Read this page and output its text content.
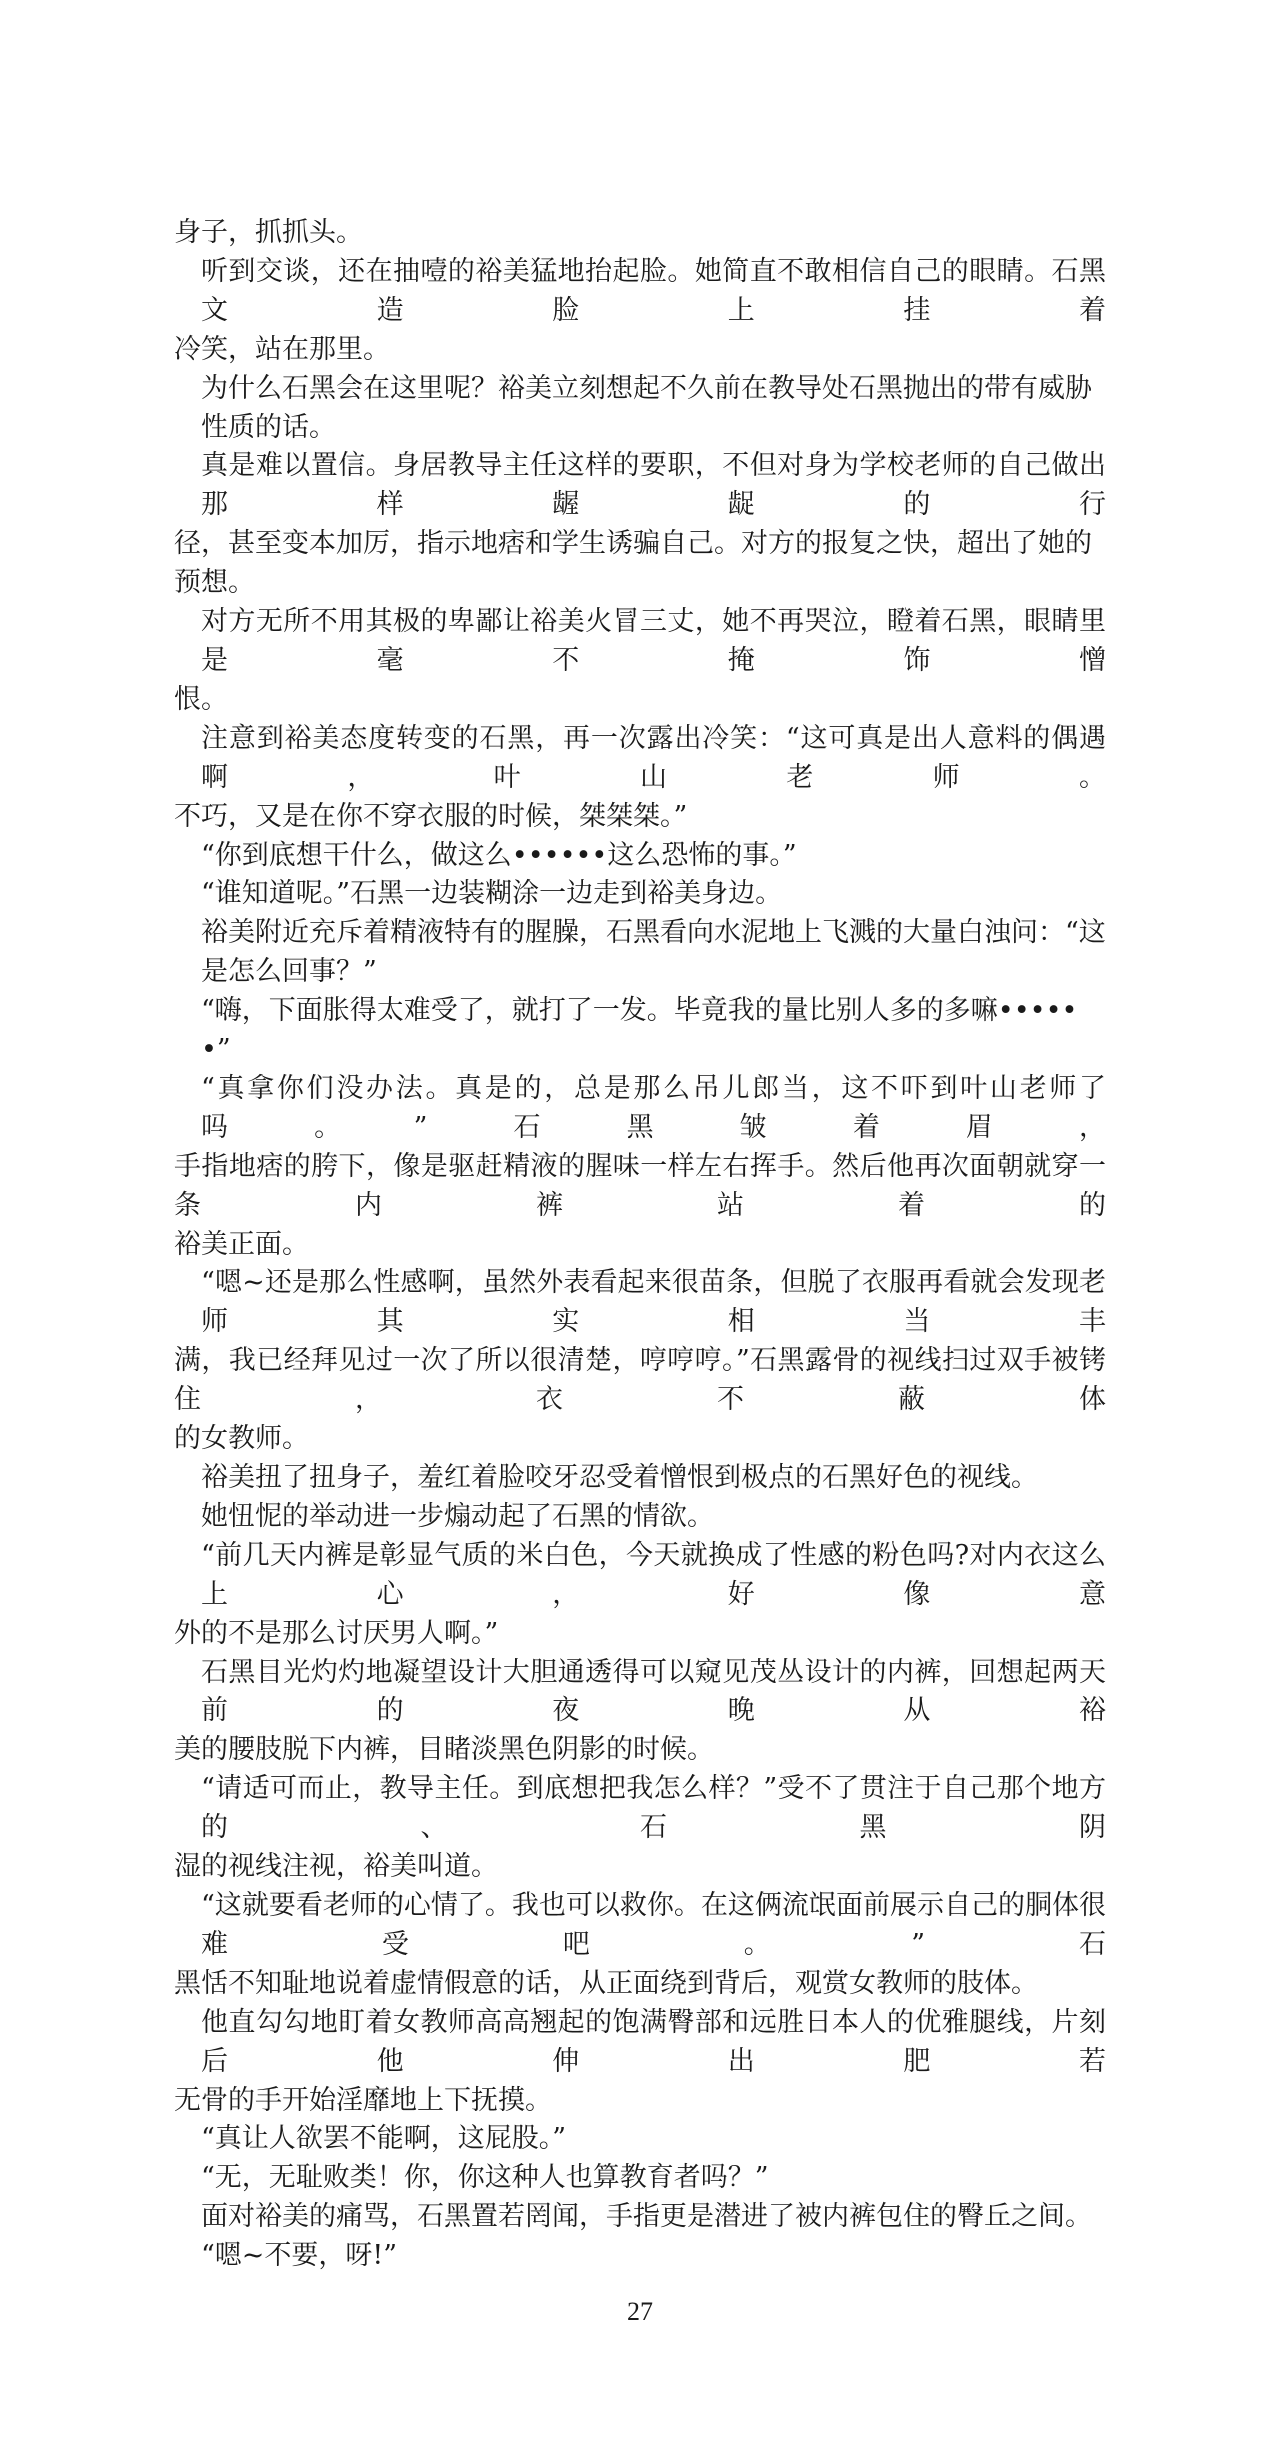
身子，抓抓头。
听到交谈，还在抽噎的裕美猛地抬起脸。她简直不敢相信自己的眼睛。石黑文造脸上挂着
冷笑，站在那里。
为什么石黑会在这里呢？裕美立刻想起不久前在教导处石黑抛出的带有威胁性质的话。
真是难以置信。身居教导主任这样的要职，不但对身为学校老师的自己做出那样龌龊的行
径，甚至变本加厉，指示地痞和学生诱骗自己。对方的报复之快，超出了她的预想。
对方无所不用其极的卑鄙让裕美火冒三丈，她不再哭泣，瞪着石黑，眼睛里是毫不掩饰憎
恨。
注意到裕美态度转变的石黑，再一次露出冷笑：“这可真是出人意料的偶遇啊，叶山老师。
不巧，又是在你不穿衣服的时候，桀桀桀。”
“你到底想干什么，做这么••••••这么恐怖的事。”
“谁知道呢。”石黑一边装糊涂一边走到裕美身边。
裕美附近充斥着精液特有的腥臊，石黑看向水泥地上飞溅的大量白浊问：“这是怎么回事？”
“嗨，下面胀得太难受了，就打了一发。毕竟我的量比别人多的多嘛••••••”
“真拿你们没办法。真是的，总是那么吊儿郎当，这不吓到叶山老师了吗。”石黑皱着眉，
手指地痞的胯下，像是驱赶精液的腥味一样左右挥手。然后他再次面朝就穿一条内裤站着的
裕美正面。
“嗯~还是那么性感啊，虽然外表看起来很苗条，但脱了衣服再看就会发现老师其实相当丰
满，我已经拜见过一次了所以很清楚，哼哼哼。”石黑露骨的视线扫过双手被铐住，衣不蔽体
的女教师。
裕美扭了扭身子，羞红着脸咬牙忍受着憎恨到极点的石黑好色的视线。
她忸怩的举动进一步煽动起了石黑的情欲。
“前几天内裤是彰显气质的米白色，今天就换成了性感的粉色吗?对内衣这么上心，好像意
外的不是那么讨厌男人啊。”
石黑目光灼灼地凝望设计大胆通透得可以窥见茂丛设计的内裤，回想起两天前的夜晚从裕
美的腰肢脱下内裤，目睹淡黑色阴影的时候。
“请适可而止，教导主任。到底想把我怎么样？”受不了贯注于自己那个地方的、石黑阴
湿的视线注视，裕美叫道。
“这就要看老师的心情了。我也可以救你。在这俩流氓面前展示自己的胴体很难受吧。”石
黑恬不知耻地说着虚情假意的话，从正面绕到背后，观赏女教师的肢体。
他直勾勾地盯着女教师高高翘起的饱满臀部和远胜日本人的优雅腿线，片刻后他伸出肥若
无骨的手开始淫靡地上下抚摸。
“真让人欲罢不能啊，这屁股。”
“无，无耻败类！你，你这种人也算教育者吗？”
面对裕美的痛骂，石黑置若罔闻，手指更是潜进了被内裤包住的臀丘之间。
“嗯~不要，呀!”
27
